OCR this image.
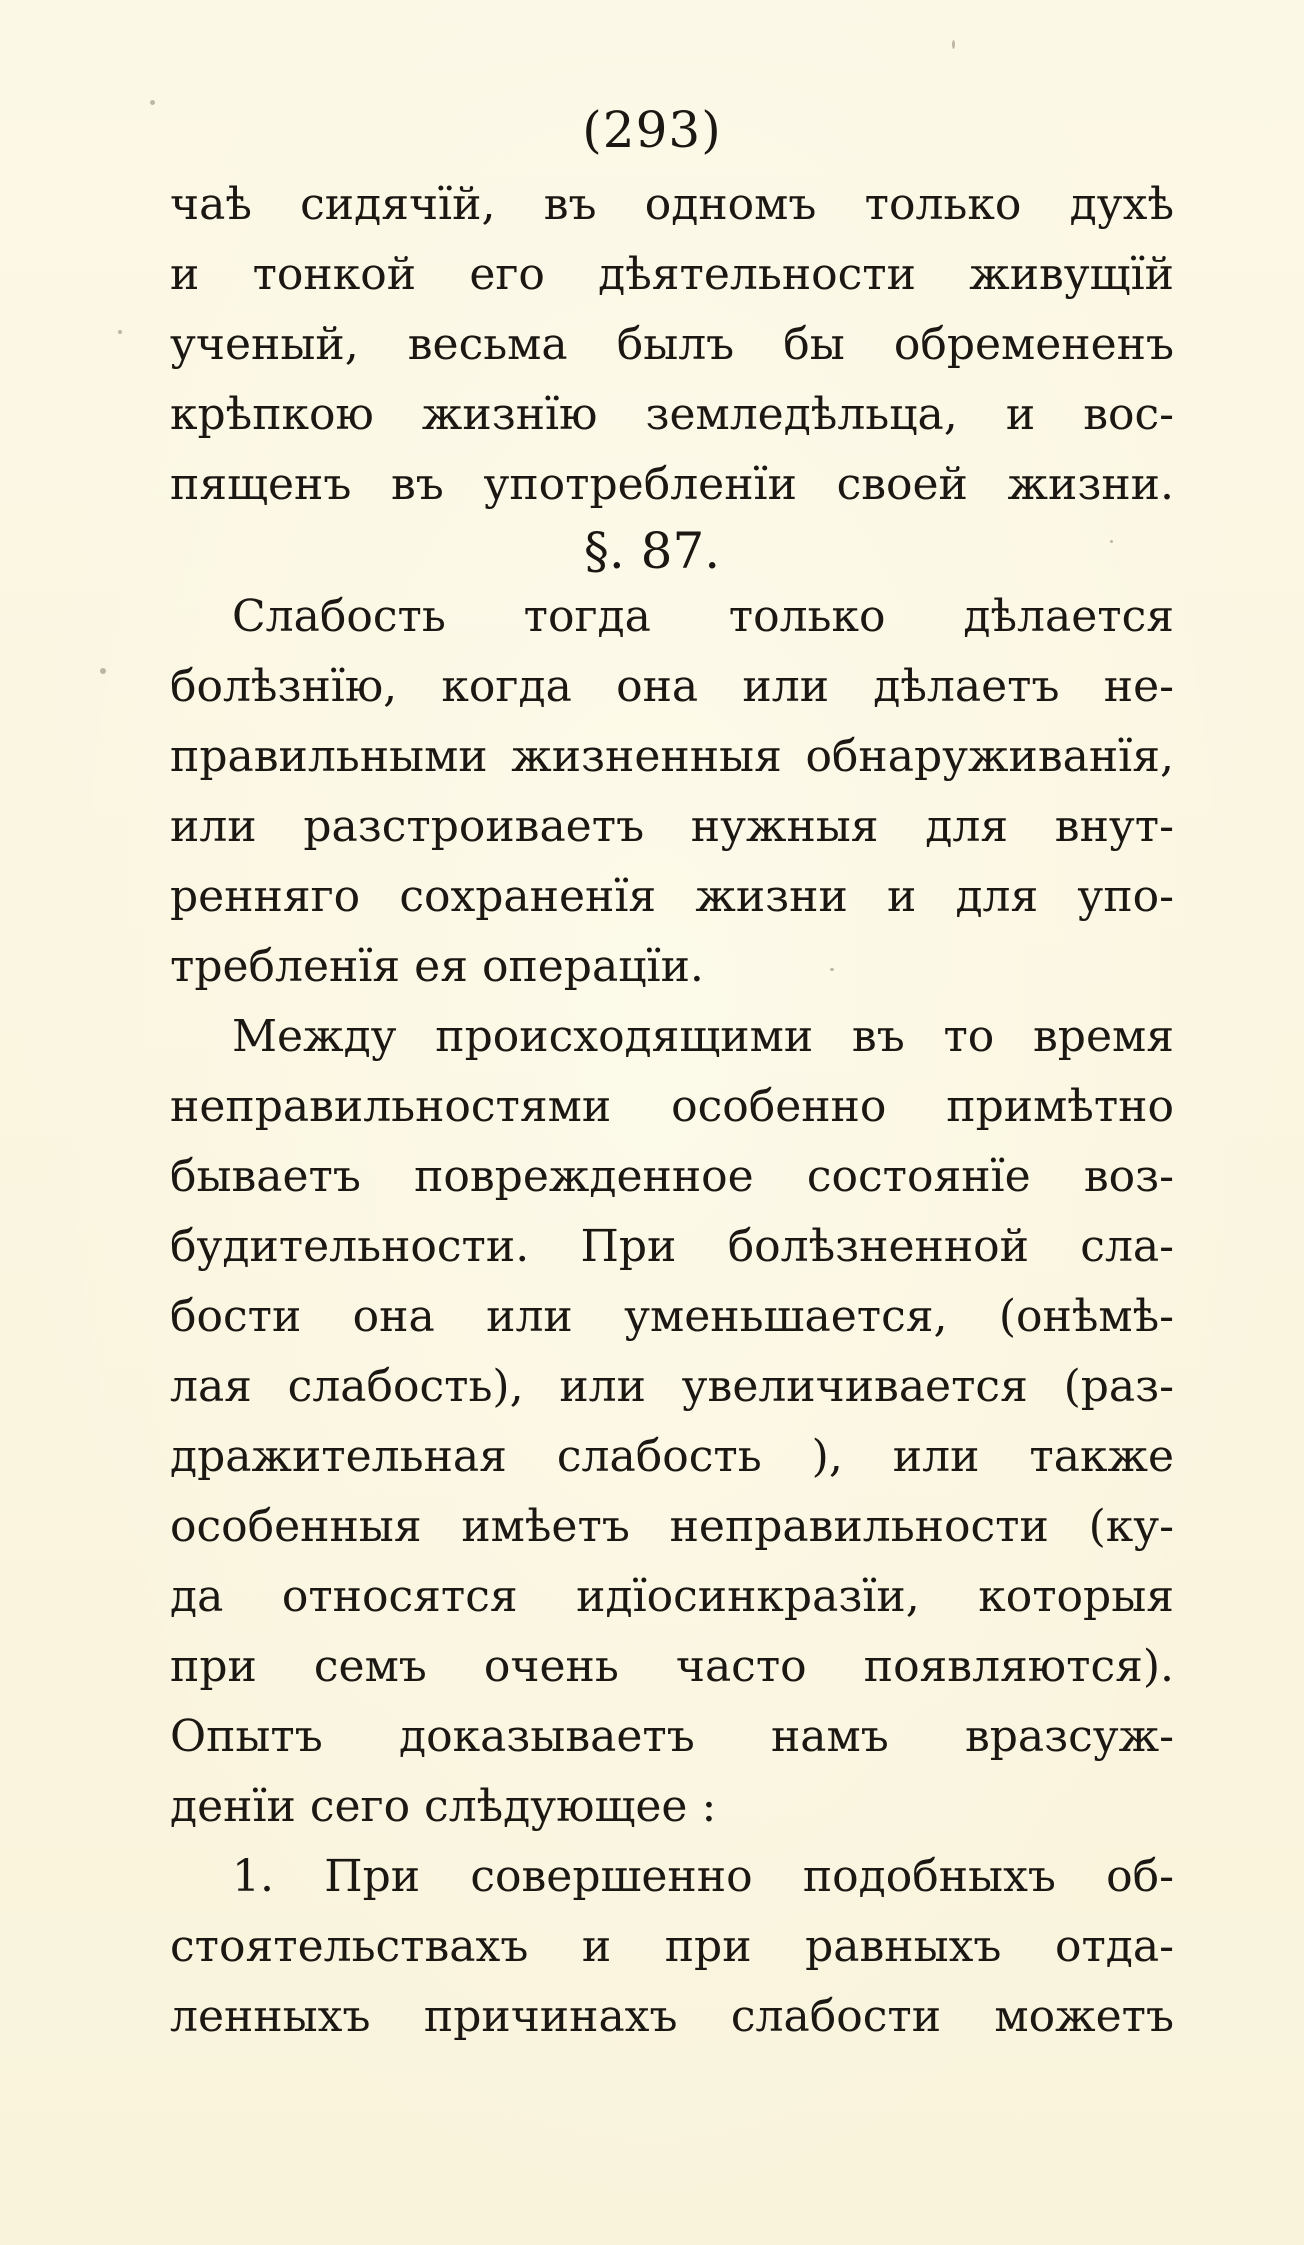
(293)
чаѣ сидячїй, въ одномъ только духѣ
и тонкой его дѣятельности живущїй
ученый, весьма былъ бы обремененъ
крѣпкою жизнїю земледѣльца, и вос-
пященъ въ употребленїи своей жизни.
§. 87.
Слабость тогда только дѣлается
болѣзнїю, когда она или дѣлаетъ не-
правильными жизненныя обнаруживанїя,
или разстроиваетъ нужныя для внут-
ренняго сохраненїя жизни и для упо-
требленїя ея операцїи.
Между происходящими въ то время
неправильностями особенно примѣтно
бываетъ поврежденное состоянїе воз-
будительности. При болѣзненной сла-
бости она или уменьшается, (онѣмѣ-
лая слабость), или увеличивается (раз-
дражительная слабость ), или также
особенныя имѣетъ неправильности (ку-
да относятся идїосинкразїи, которыя
при семъ очень часто появляются).
Опытъ доказываетъ намъ вразсуж-
денїи сего слѣдующее :
1. При совершенно подобныхъ об-
стоятельствахъ и при равныхъ отда-
ленныхъ причинахъ слабости можетъ
